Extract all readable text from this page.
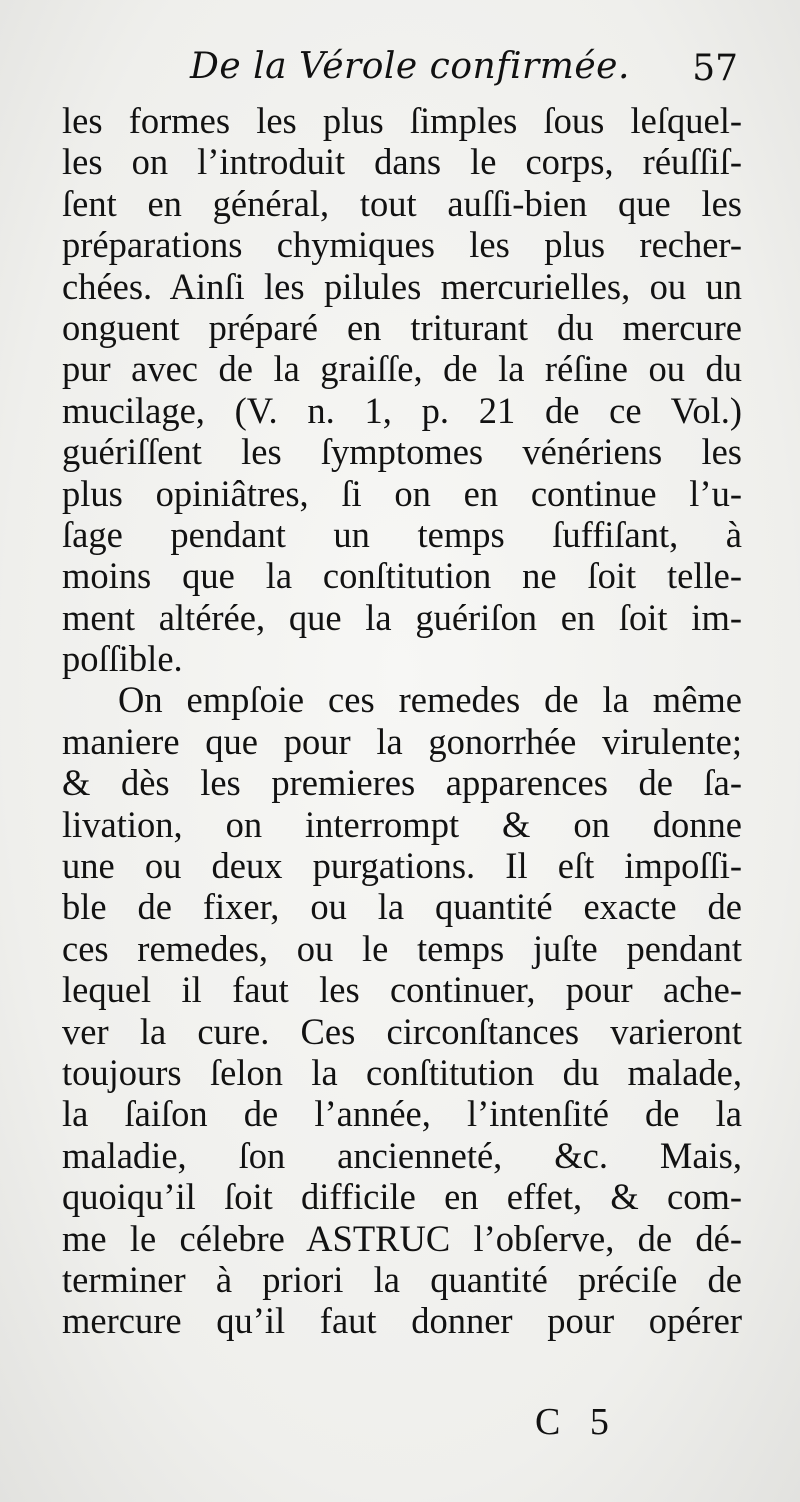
De la Vérole confirmée. 57
les formes les plus ſimples ſous leſquel-
les on l’introduit dans le corps, réuſſiſ-
ſent en général, tout auſſi-bien que les
préparations chymiques les plus recher-
chées. Ainſi les pilules mercurielles, ou un
onguent préparé en triturant du mercure
pur avec de la graiſſe, de la réſine ou du
mucilage, (V. n. 1, p. 21 de ce Vol.)
guériſſent les ſymptomes vénériens les
plus opiniâtres, ſi on en continue l’u-
ſage pendant un temps ſuffiſant, à
moins que la conſtitution ne ſoit telle-
ment altérée, que la guériſon en ſoit im-
poſſible.
On empſoie ces remedes de la même
maniere que pour la gonorrhée virulente;
& dès les premieres apparences de ſa-
livation, on interrompt & on donne
une ou deux purgations. Il eſt impoſſi-
ble de fixer, ou la quantité exacte de
ces remedes, ou le temps juſte pendant
lequel il faut les continuer, pour ache-
ver la cure. Ces circonſtances varieront
toujours ſelon la conſtitution du malade,
la ſaiſon de l’année, l’intenſité de la
maladie, ſon ancienneté, &c. Mais,
quoiqu’il ſoit difficile en effet, & com-
me le célebre ASTRUC l’obſerve, de dé-
terminer à priori la quantité préciſe de
mercure qu’il faut donner pour opérer
C 5
